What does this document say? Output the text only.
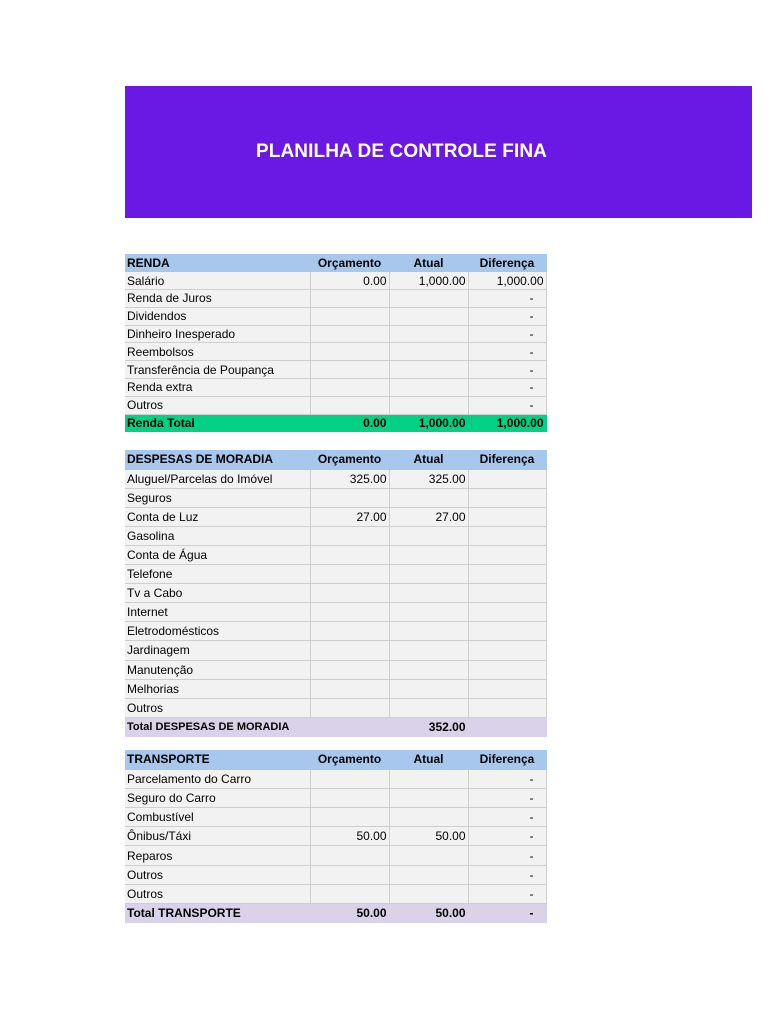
PLANILHA DE CONTROLE FINA
RENDA	Orçamento	Atual	Diferença
Salário	0.00	1,000.00	1,000.00
Renda de Juros			-
Dividendos			-
Dinheiro Inesperado			-
Reembolsos			-
Transferência de Poupança			-
Renda extra			-
Outros			-
Renda Total	0.00	1,000.00	1,000.00
DESPESAS DE MORADIA	Orçamento	Atual	Diferença
Aluguel/Parcelas do Imóvel	325.00	325.00	
Seguros			
Conta de Luz	27.00	27.00	
Gasolina			
Conta de Água			
Telefone			
Tv a Cabo			
Internet			
Eletrodomésticos			
Jardinagem			
Manutenção			
Melhorias			
Outros			
Total DESPESAS DE MORADIA		352.00	
TRANSPORTE	Orçamento	Atual	Diferença
Parcelamento do Carro			-
Seguro do Carro			-
Combustível			-
Ônibus/Táxi	50.00	50.00	-
Reparos			-
Outros			-
Outros			-
Total TRANSPORTE	50.00	50.00	-
